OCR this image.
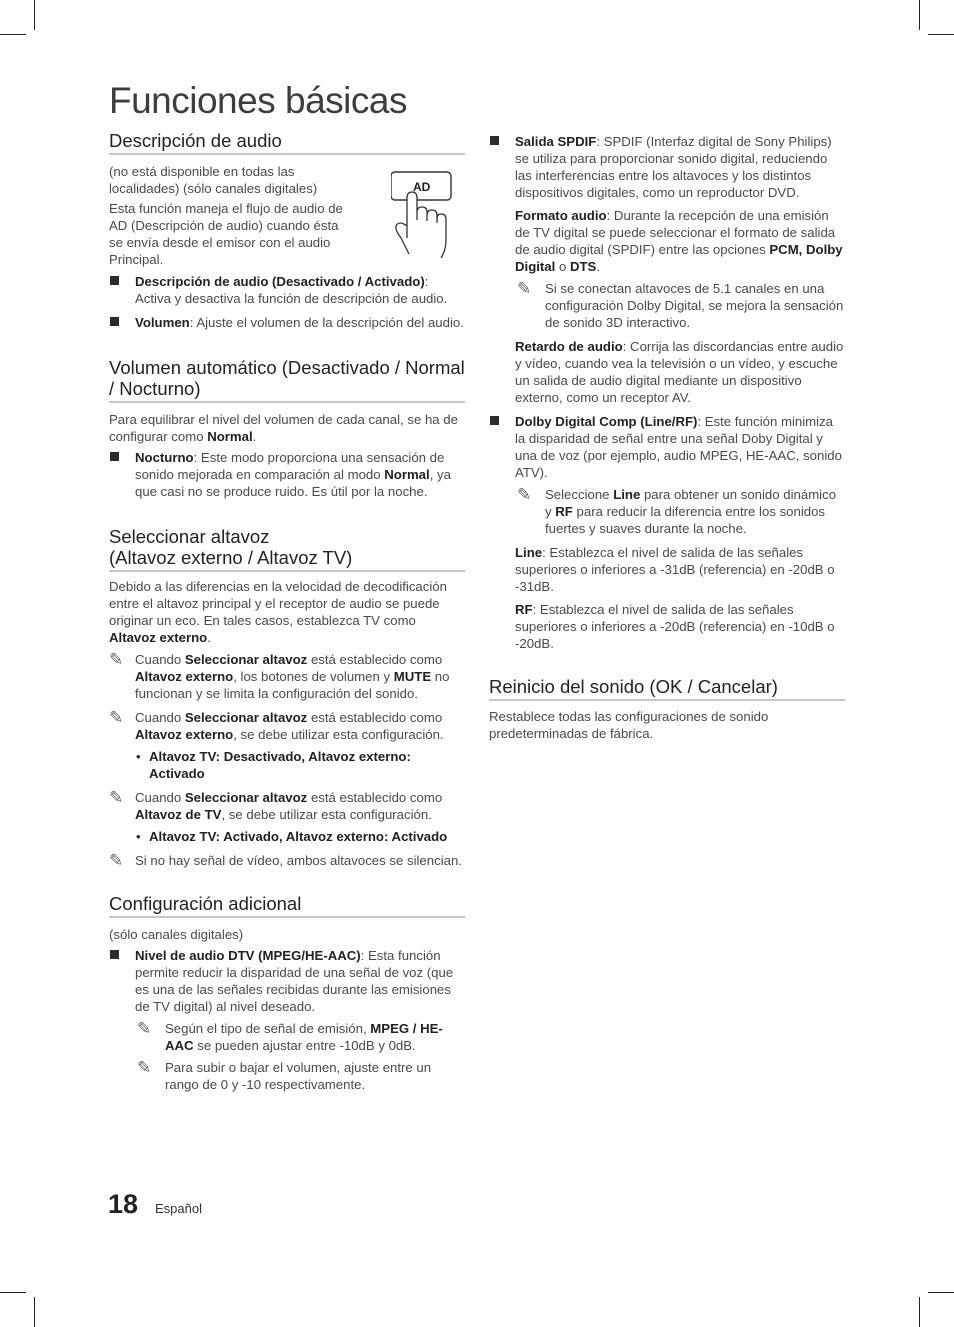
Funciones básicas
Descripción de audio

(no está disponible en todas las localidades) (sólo canales digitales)

Esta función maneja el flujo de audio de AD (Descripción de audio) cuando ésta se envía desde el emisor con el audio Principal.

AD
Descripción de audio (Desactivado / Activado): Activa y desactiva la función de descripción de audio.
Volumen: Ajuste el volumen de la descripción del audio.
Volumen automático (Desactivado / Normal / Nocturno)

Para equilibrar el nivel del volumen de cada canal, se ha de configurar como Normal.

Nocturno: Este modo proporciona una sensación de sonido mejorada en comparación al modo Normal, ya que casi no se produce ruido. Es útil por la noche.
Seleccionar altavoz
(Altavoz externo / Altavoz TV)

Debido a las diferencias en la velocidad de decodificación entre el altavoz principal y el receptor de audio se puede originar un eco. En tales casos, establezca TV como Altavoz externo.

✎ Cuando Seleccionar altavoz está establecido como Altavoz externo, los botones de volumen y MUTE no funcionan y se limita la configuración del sonido.
✎ Cuando Seleccionar altavoz está establecido como Altavoz externo, se debe utilizar esta configuración.
• Altavoz TV: Desactivado, Altavoz externo: Activado
✎ Cuando Seleccionar altavoz está establecido como Altavoz de TV, se debe utilizar esta configuración.
• Altavoz TV: Activado, Altavoz externo: Activado
✎ Si no hay señal de vídeo, ambos altavoces se silencian.
Configuración adicional

(sólo canales digitales)

Nivel de audio DTV (MPEG/HE-AAC): Esta función permite reducir la disparidad de una señal de voz (que es una de las señales recibidas durante las emisiones de TV digital) al nivel deseado.
✎ Según el tipo de señal de emisión, MPEG / HE-AAC se pueden ajustar entre -10dB y 0dB.
✎ Para subir o bajar el volumen, ajuste entre un rango de 0 y -10 respectivamente.
Salida SPDIF: SPDIF (Interfaz digital de Sony Philips) se utiliza para proporcionar sonido digital, reduciendo las interferencias entre los altavoces y los distintos dispositivos digitales, como un reproductor DVD.

Formato audio: Durante la recepción de una emisión de TV digital se puede seleccionar el formato de salida de audio digital (SPDIF) entre las opciones PCM, Dolby Digital o DTS.

✎ Si se conectan altavoces de 5.1 canales en una configuración Dolby Digital, se mejora la sensación de sonido 3D interactivo.

Retardo de audio: Corrija las discordancias entre audio y vídeo, cuando vea la televisión o un vídeo, y escuche un salida de audio digital mediante un dispositivo externo, como un receptor AV.

Dolby Digital Comp (Line/RF): Este función minimiza la disparidad de señal entre una señal Doby Digital y una de voz (por ejemplo, audio MPEG, HE-AAC, sonido ATV).
✎ Seleccione Line para obtener un sonido dinámico y RF para reducir la diferencia entre los sonidos fuertes y suaves durante la noche.

Line: Establezca el nivel de salida de las señales superiores o inferiores a -31dB (referencia) en -20dB o -31dB.

RF: Establezca el nivel de salida de las señales superiores o inferiores a -20dB (referencia) en -10dB o -20dB.

Reinicio del sonido (OK / Cancelar)

Restablece todas las configuraciones de sonido predeterminadas de fábrica.

18 Español
